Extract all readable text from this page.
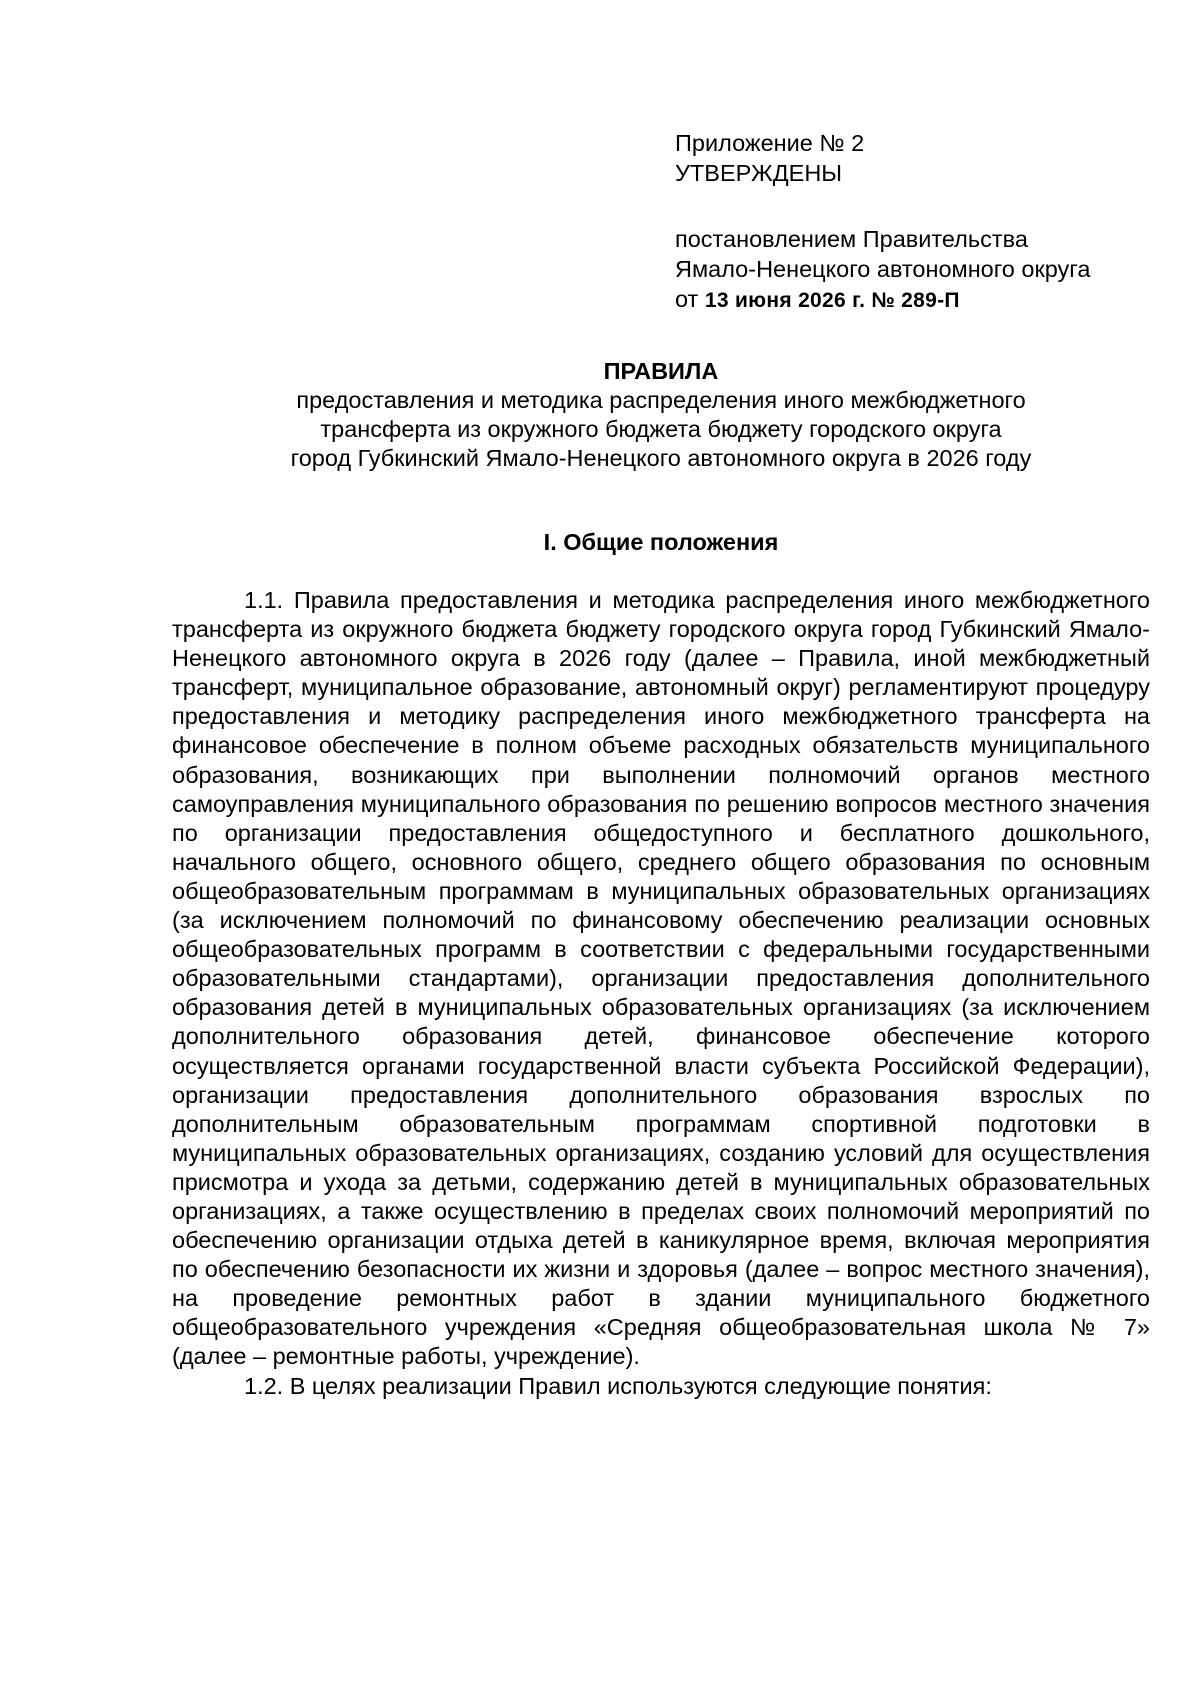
Приложение № 2
УТВЕРЖДЕНЫ
постановлением Правительства
Ямало-Ненецкого автономного округа
от 13 июня 2026 г. № 289-П
ПРАВИЛА
предоставления и методика распределения иного межбюджетного
трансферта из окружного бюджета бюджету городского округа
город Губкинский Ямало-Ненецкого автономного округа в 2026 году
I. Общие положения

1.1. Правила предоставления и методика распределения иного межбюджетного трансферта из окружного бюджета бюджету городского округа город Губкинский Ямало-Ненецкого автономного округа в 2026 году (далее – Правила, иной межбюджетный трансферт, муниципальное образование, автономный округ) регламентируют процедуру предоставления и методику распределения иного межбюджетного трансферта на финансовое обеспечение в полном объеме расходных обязательств муниципального образования, возникающих при выполнении полномочий органов местного самоуправления муниципального образования по решению вопросов местного значения по организации предоставления общедоступного и бесплатного дошкольного, начального общего, основного общего, среднего общего образования по основным общеобразовательным программам в муниципальных образовательных организациях (за исключением полномочий по финансовому обеспечению реализации основных общеобразовательных программ в соответствии с федеральными государственными образовательными стандартами), организации предоставления дополнительного образования детей в муниципальных образовательных организациях (за исключением дополнительного образования детей, финансовое обеспечение которого осуществляется органами государственной власти субъекта Российской Федерации), организации предоставления дополнительного образования взрослых по дополнительным образовательным программам спортивной подготовки в муниципальных образовательных организациях, созданию условий для осуществления присмотра и ухода за детьми, содержанию детей в муниципальных образовательных организациях, а также осуществлению в пределах своих полномочий мероприятий по обеспечению организации отдыха детей в каникулярное время, включая мероприятия по обеспечению безопасности их жизни и здоровья (далее – вопрос местного значения), на проведение ремонтных работ в здании муниципального бюджетного общеобразовательного учреждения «Средняя общеобразовательная школа № 7» (далее – ремонтные работы, учреждение).

1.2. В целях реализации Правил используются следующие понятия:
